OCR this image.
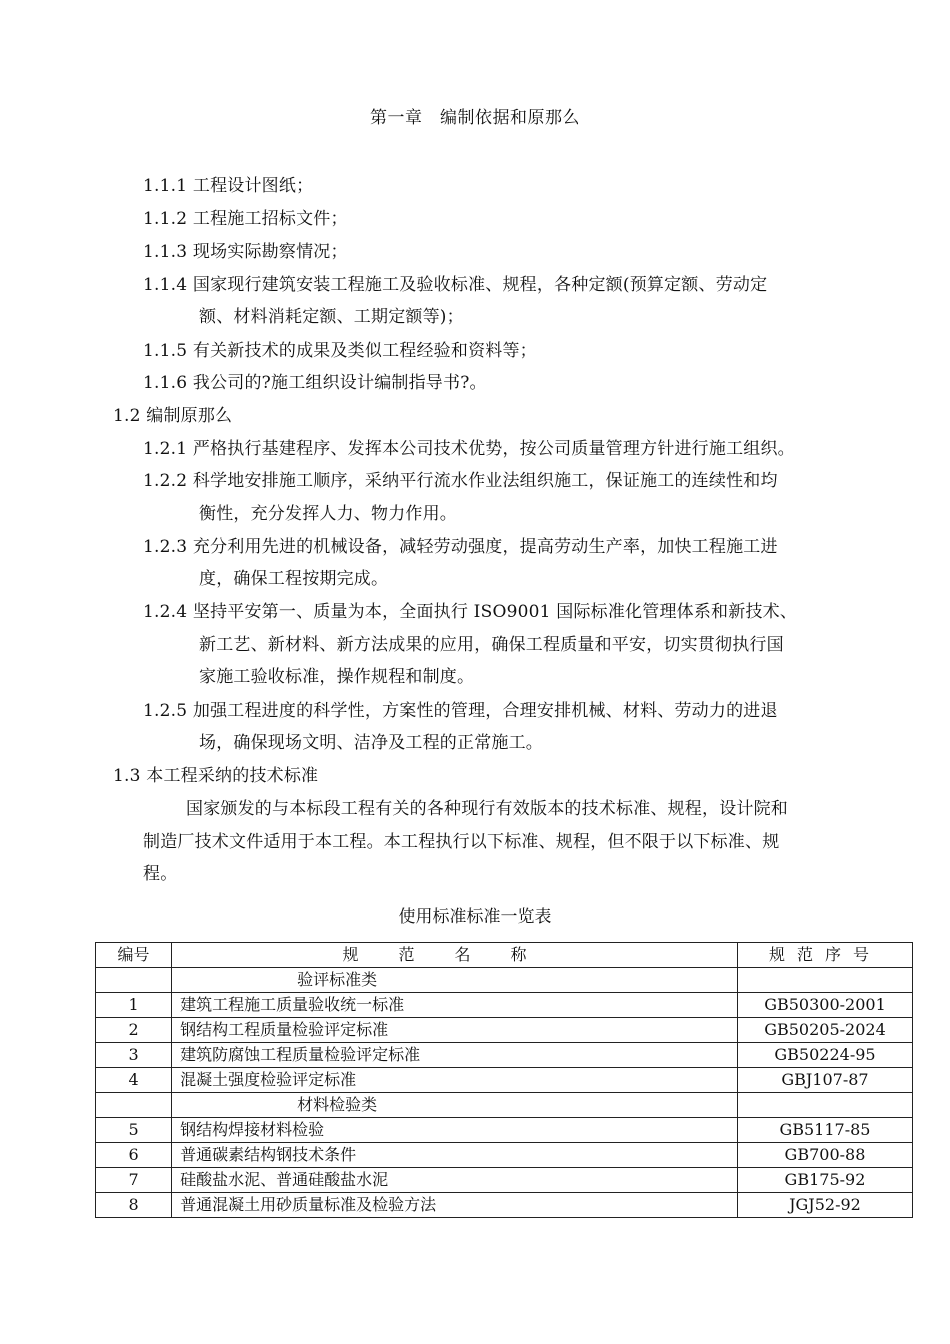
第一章　编制依据和原那么
1.1.1 工程设计图纸；
1.1.2 工程施工招标文件；
1.1.3 现场实际勘察情况；
1.1.4 国家现行建筑安装工程施工及验收标准、规程，各种定额(预算定额、劳动定
额、材料消耗定额、工期定额等)；
1.1.5 有关新技术的成果及类似工程经验和资料等；
1.1.6 我公司的?施工组织设计编制指导书?。
1.2 编制原那么
1.2.1 严格执行基建程序、发挥本公司技术优势，按公司质量管理方针进行施工组织。
1.2.2 科学地安排施工顺序，采纳平行流水作业法组织施工，保证施工的连续性和均
衡性，充分发挥人力、物力作用。
1.2.3 充分利用先进的机械设备，减轻劳动强度，提高劳动生产率，加快工程施工进
度，确保工程按期完成。
1.2.4 坚持平安第一、质量为本，全面执行 ISO9001 国际标准化管理体系和新技术、
新工艺、新材料、新方法成果的应用，确保工程质量和平安，切实贯彻执行国
家施工验收标准，操作规程和制度。
1.2.5 加强工程进度的科学性，方案性的管理，合理安排机械、材料、劳动力的进退
场，确保现场文明、洁净及工程的正常施工。
1.3 本工程采纳的技术标准
国家颁发的与本标段工程有关的各种现行有效版本的技术标准、规程，设计院和
制造厂技术文件适用于本工程。本工程执行以下标准、规程，但不限于以下标准、规
程。
使用标准标准一览表
编号	规范名称	规范序号
	验评标准类	
1	建筑工程施工质量验收统一标准	GB50300-2001
2	钢结构工程质量检验评定标准	GB50205-2024
3	建筑防腐蚀工程质量检验评定标准	GB50224-95
4	混凝土强度检验评定标准	GBJ107-87
	材料检验类	
5	钢结构焊接材料检验	GB5117-85
6	普通碳素结构钢技术条件	GB700-88
7	硅酸盐水泥、普通硅酸盐水泥	GB175-92
8	普通混凝土用砂质量标准及检验方法	JGJ52-92
